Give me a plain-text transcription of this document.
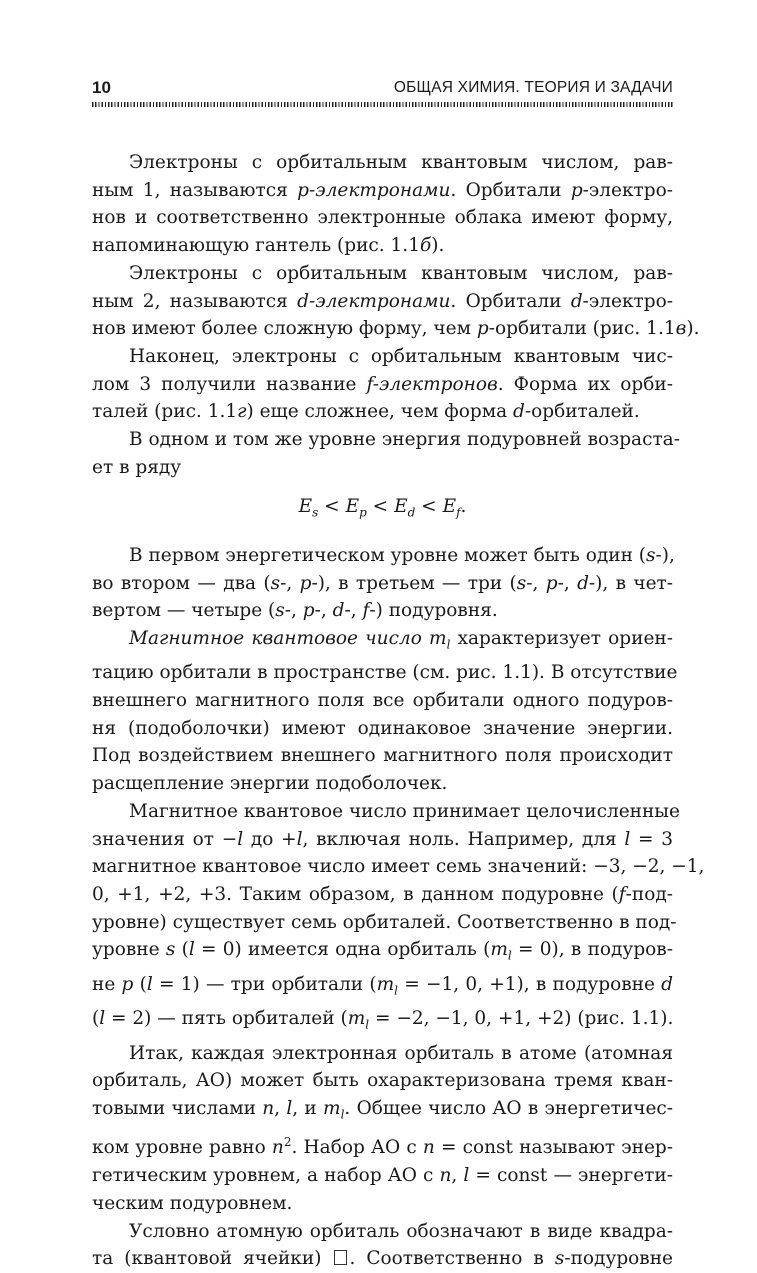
10	ОБЩАЯ ХИМИЯ. ТЕОРИЯ И ЗАДАЧИ

Электроны с орбитальным квантовым числом, рав-
ным 1, называются p-электронами. Орбитали p-электро-
нов и соответственно электронные облака имеют форму,
напоминающую гантель (рис. 1.1б).

Электроны с орбитальным квантовым числом, рав-
ным 2, называются d-электронами. Орбитали d-электро-
нов имеют более сложную форму, чем p-орбитали (рис. 1.1в).

Наконец, электроны с орбитальным квантовым чис-
лом 3 получили название f-электронов. Форма их орби-
талей (рис. 1.1г) еще сложнее, чем форма d-орбиталей.

В одном и том же уровне энергия подуровней возраста-
ет в ряду

$E_s < E_p < E_d < E_f$.

В первом энергетическом уровне может быть один (s-),
во втором — два (s-, p-), в третьем — три (s-, p-, d-), в чет-
вертом — четыре (s-, p-, d-, f-) подуровня.

Магнитное квантовое число $m_l$ характеризует ориен-
тацию орбитали в пространстве (см. рис. 1.1). В отсутствие
внешнего магнитного поля все орбитали одного подуров-
ня (подоболочки) имеют одинаковое значение энергии.
Под воздействием внешнего магнитного поля происходит
расщепление энергии подоболочек.

Магнитное квантовое число принимает целочисленные
значения от −l до +l, включая ноль. Например, для l = 3
магнитное квантовое число имеет семь значений: −3, −2, −1,
0, +1, +2, +3. Таким образом, в данном подуровне (f-под-
уровне) существует семь орбиталей. Соответственно в под-
уровне s (l = 0) имеется одна орбиталь $(m_l = 0)$, в подуров-
не p (l = 1) — три орбитали ($m_l = -1$, 0, +1), в подуровне d
(l = 2) — пять орбиталей ($m_l = -2$, −1, 0, +1, +2) (рис. 1.1).

Итак, каждая электронная орбиталь в атоме (атомная
орбиталь, АО) может быть охарактеризована тремя кван-
товыми числами n, l, и $m_l$. Общее число АО в энергетичес-
ком уровне равно $n^2$. Набор АО с n = const называют энер-
гетическим уровнем, а набор АО с n, l = const — энергети-
ческим подуровнем.

Условно атомную орбиталь обозначают в виде квадра-
та (квантовой ячейки) . Соответственно в s-подуровне
